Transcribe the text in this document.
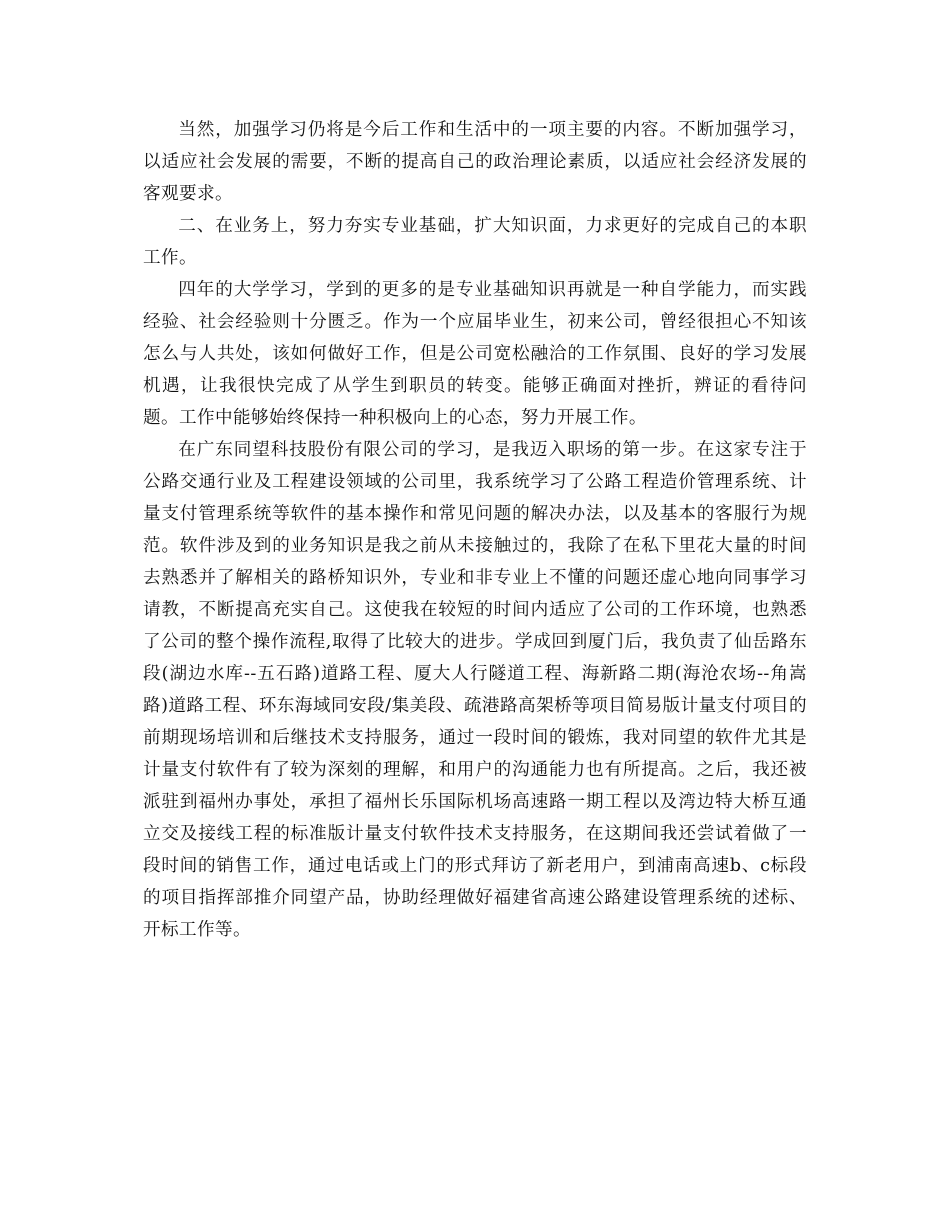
当然，加强学习仍将是今后工作和生活中的一项主要的内容。不断加强学习，以适应社会发展的需要，不断的提高自己的政治理论素质，以适应社会经济发展的客观要求。

二、在业务上，努力夯实专业基础，扩大知识面，力求更好的完成自己的本职工作。

四年的大学学习，学到的更多的是专业基础知识再就是一种自学能力，而实践经验、社会经验则十分匮乏。作为一个应届毕业生，初来公司，曾经很担心不知该怎么与人共处，该如何做好工作，但是公司宽松融洽的工作氛围、良好的学习发展机遇，让我很快完成了从学生到职员的转变。能够正确面对挫折，辨证的看待问题。工作中能够始终保持一种积极向上的心态，努力开展工作。

在广东同望科技股份有限公司的学习，是我迈入职场的第一步。在这家专注于公路交通行业及工程建设领域的公司里，我系统学习了公路工程造价管理系统、计量支付管理系统等软件的基本操作和常见问题的解决办法，以及基本的客服行为规范。软件涉及到的业务知识是我之前从未接触过的，我除了在私下里花大量的时间去熟悉并了解相关的路桥知识外，专业和非专业上不懂的问题还虚心地向同事学习请教，不断提高充实自己。这使我在较短的时间内适应了公司的工作环境，也熟悉了公司的整个操作流程,取得了比较大的进步。学成回到厦门后，我负责了仙岳路东段(湖边水库--五石路)道路工程、厦大人行隧道工程、海新路二期(海沧农场--角嵩路)道路工程、环东海域同安段/集美段、疏港路高架桥等项目简易版计量支付项目的前期现场培训和后继技术支持服务，通过一段时间的锻炼，我对同望的软件尤其是计量支付软件有了较为深刻的理解，和用户的沟通能力也有所提高。之后，我还被派驻到福州办事处，承担了福州长乐国际机场高速路一期工程以及湾边特大桥互通立交及接线工程的标准版计量支付软件技术支持服务，在这期间我还尝试着做了一段时间的销售工作，通过电话或上门的形式拜访了新老用户，到浦南高速b、c标段的项目指挥部推介同望产品，协助经理做好福建省高速公路建设管理系统的述标、开标工作等。
